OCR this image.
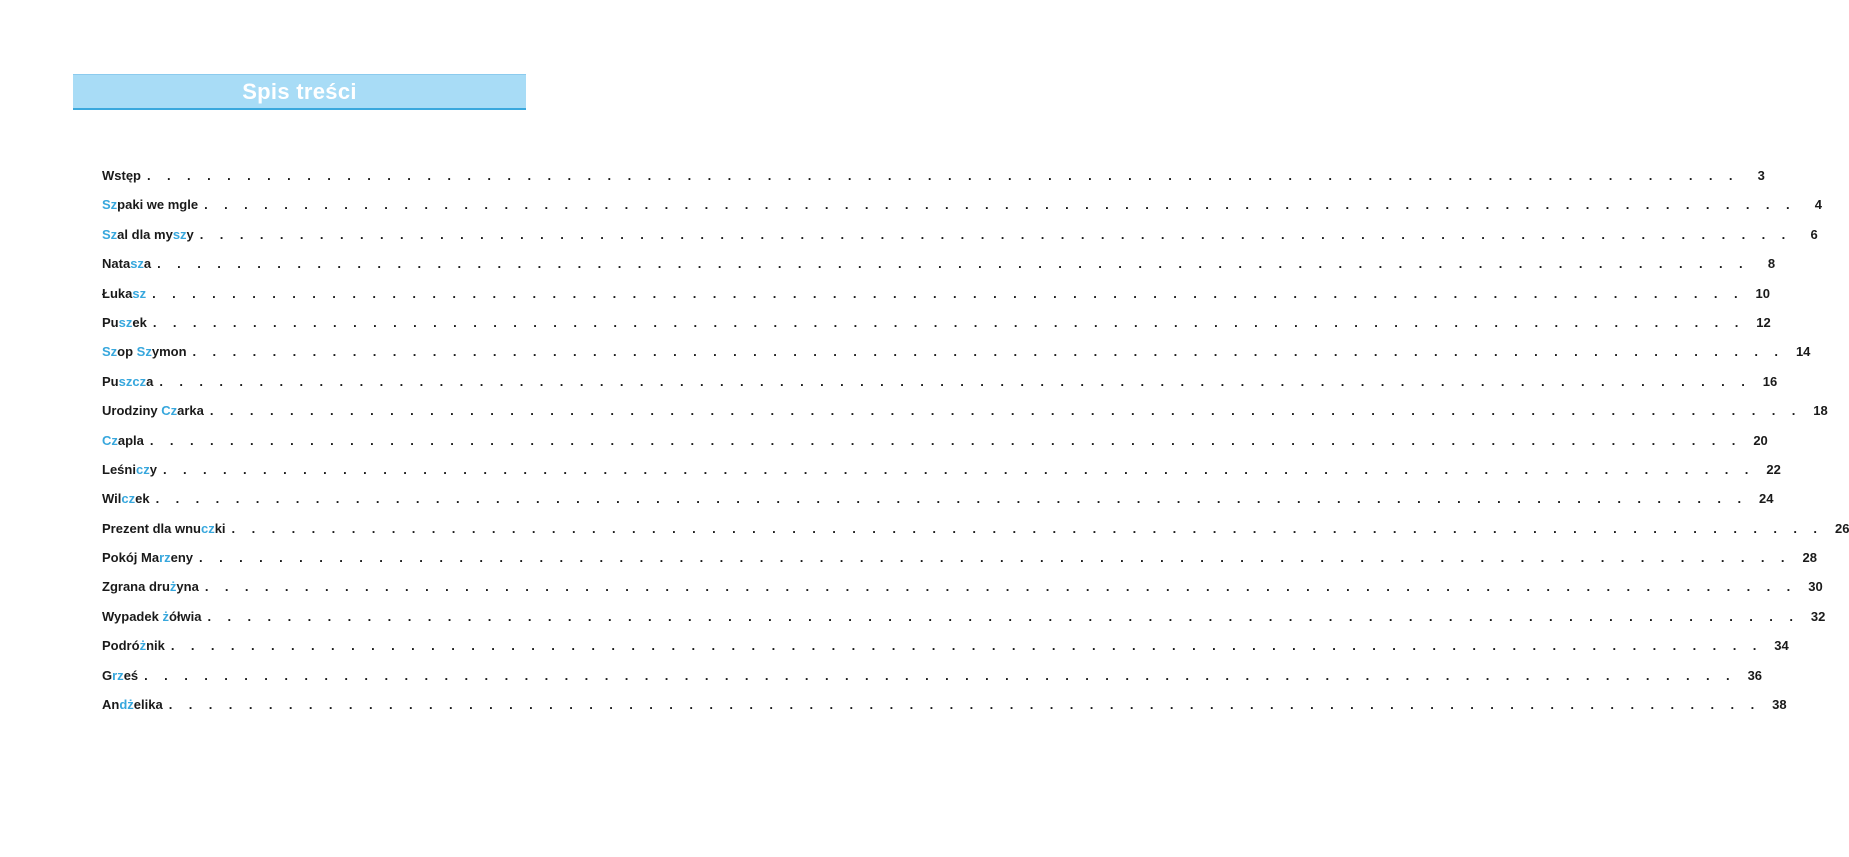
Spis treści
Wstęp . . . . . . . . . . . . . . . . . . . . . . . . . . . . . . . . . . . . . . . . . . . . . . . . . . . . . . . . . . . . . . . . . . . . . . . . . . . . . . . .	3
Szpaki we mgle . . . . . . . . . . . . . . . . . . . . . . . . . . . . . . . . . . . . . . . . . . . . . . . . . . . . . . . . . . . . . . . . . . . . . . . . . . . . . . . .	4
Szal dla myszy . . . . . . . . . . . . . . . . . . . . . . . . . . . . . . . . . . . . . . . . . . . . . . . . . . . . . . . . . . . . . . . . . . . . . . . . . . . . . . . .	6
Natasza . . . . . . . . . . . . . . . . . . . . . . . . . . . . . . . . . . . . . . . . . . . . . . . . . . . . . . . . . . . . . . . . . . . . . . . . . . . . . . . .	8
Łukasz . . . . . . . . . . . . . . . . . . . . . . . . . . . . . . . . . . . . . . . . . . . . . . . . . . . . . . . . . . . . . . . . . . . . . . . . . . . . . . . . 10
Puszek . . . . . . . . . . . . . . . . . . . . . . . . . . . . . . . . . . . . . . . . . . . . . . . . . . . . . . . . . . . . . . . . . . . . . . . . . . . . . . . . 12
Szop Szymon . . . . . . . . . . . . . . . . . . . . . . . . . . . . . . . . . . . . . . . . . . . . . . . . . . . . . . . . . . . . . . . . . . . . . . . . . . . . . . . . 14
Puszcza . . . . . . . . . . . . . . . . . . . . . . . . . . . . . . . . . . . . . . . . . . . . . . . . . . . . . . . . . . . . . . . . . . . . . . . . . . . . . . . . 16
Urodziny Czarka . . . . . . . . . . . . . . . . . . . . . . . . . . . . . . . . . . . . . . . . . . . . . . . . . . . . . . . . . . . . . . . . . . . . . . . . . . . . . . . . 18
Czapla . . . . . . . . . . . . . . . . . . . . . . . . . . . . . . . . . . . . . . . . . . . . . . . . . . . . . . . . . . . . . . . . . . . . . . . . . . . . . . . . 20
Leśniczy . . . . . . . . . . . . . . . . . . . . . . . . . . . . . . . . . . . . . . . . . . . . . . . . . . . . . . . . . . . . . . . . . . . . . . . . . . . . . . . . 22
Wilczek . . . . . . . . . . . . . . . . . . . . . . . . . . . . . . . . . . . . . . . . . . . . . . . . . . . . . . . . . . . . . . . . . . . . . . . . . . . . . . . . 24
Prezent dla wnuczki . . . . . . . . . . . . . . . . . . . . . . . . . . . . . . . . . . . . . . . . . . . . . . . . . . . . . . . . . . . . . . . . . . . . . . . . . . . . . . . . 26
Pokój Marzeny . . . . . . . . . . . . . . . . . . . . . . . . . . . . . . . . . . . . . . . . . . . . . . . . . . . . . . . . . . . . . . . . . . . . . . . . . . . . . . . . 28
Zgrana drużyna . . . . . . . . . . . . . . . . . . . . . . . . . . . . . . . . . . . . . . . . . . . . . . . . . . . . . . . . . . . . . . . . . . . . . . . . . . . . . . . . 30
Wypadek żółwia . . . . . . . . . . . . . . . . . . . . . . . . . . . . . . . . . . . . . . . . . . . . . . . . . . . . . . . . . . . . . . . . . . . . . . . . . . . . . . . . 32
Podróżnik . . . . . . . . . . . . . . . . . . . . . . . . . . . . . . . . . . . . . . . . . . . . . . . . . . . . . . . . . . . . . . . . . . . . . . . . . . . . . . . . 34
Grześ . . . . . . . . . . . . . . . . . . . . . . . . . . . . . . . . . . . . . . . . . . . . . . . . . . . . . . . . . . . . . . . . . . . . . . . . . . . . . . . . 36
Andżelika . . . . . . . . . . . . . . . . . . . . . . . . . . . . . . . . . . . . . . . . . . . . . . . . . . . . . . . . . . . . . . . . . . . . . . . . . . . . . . . . 38
